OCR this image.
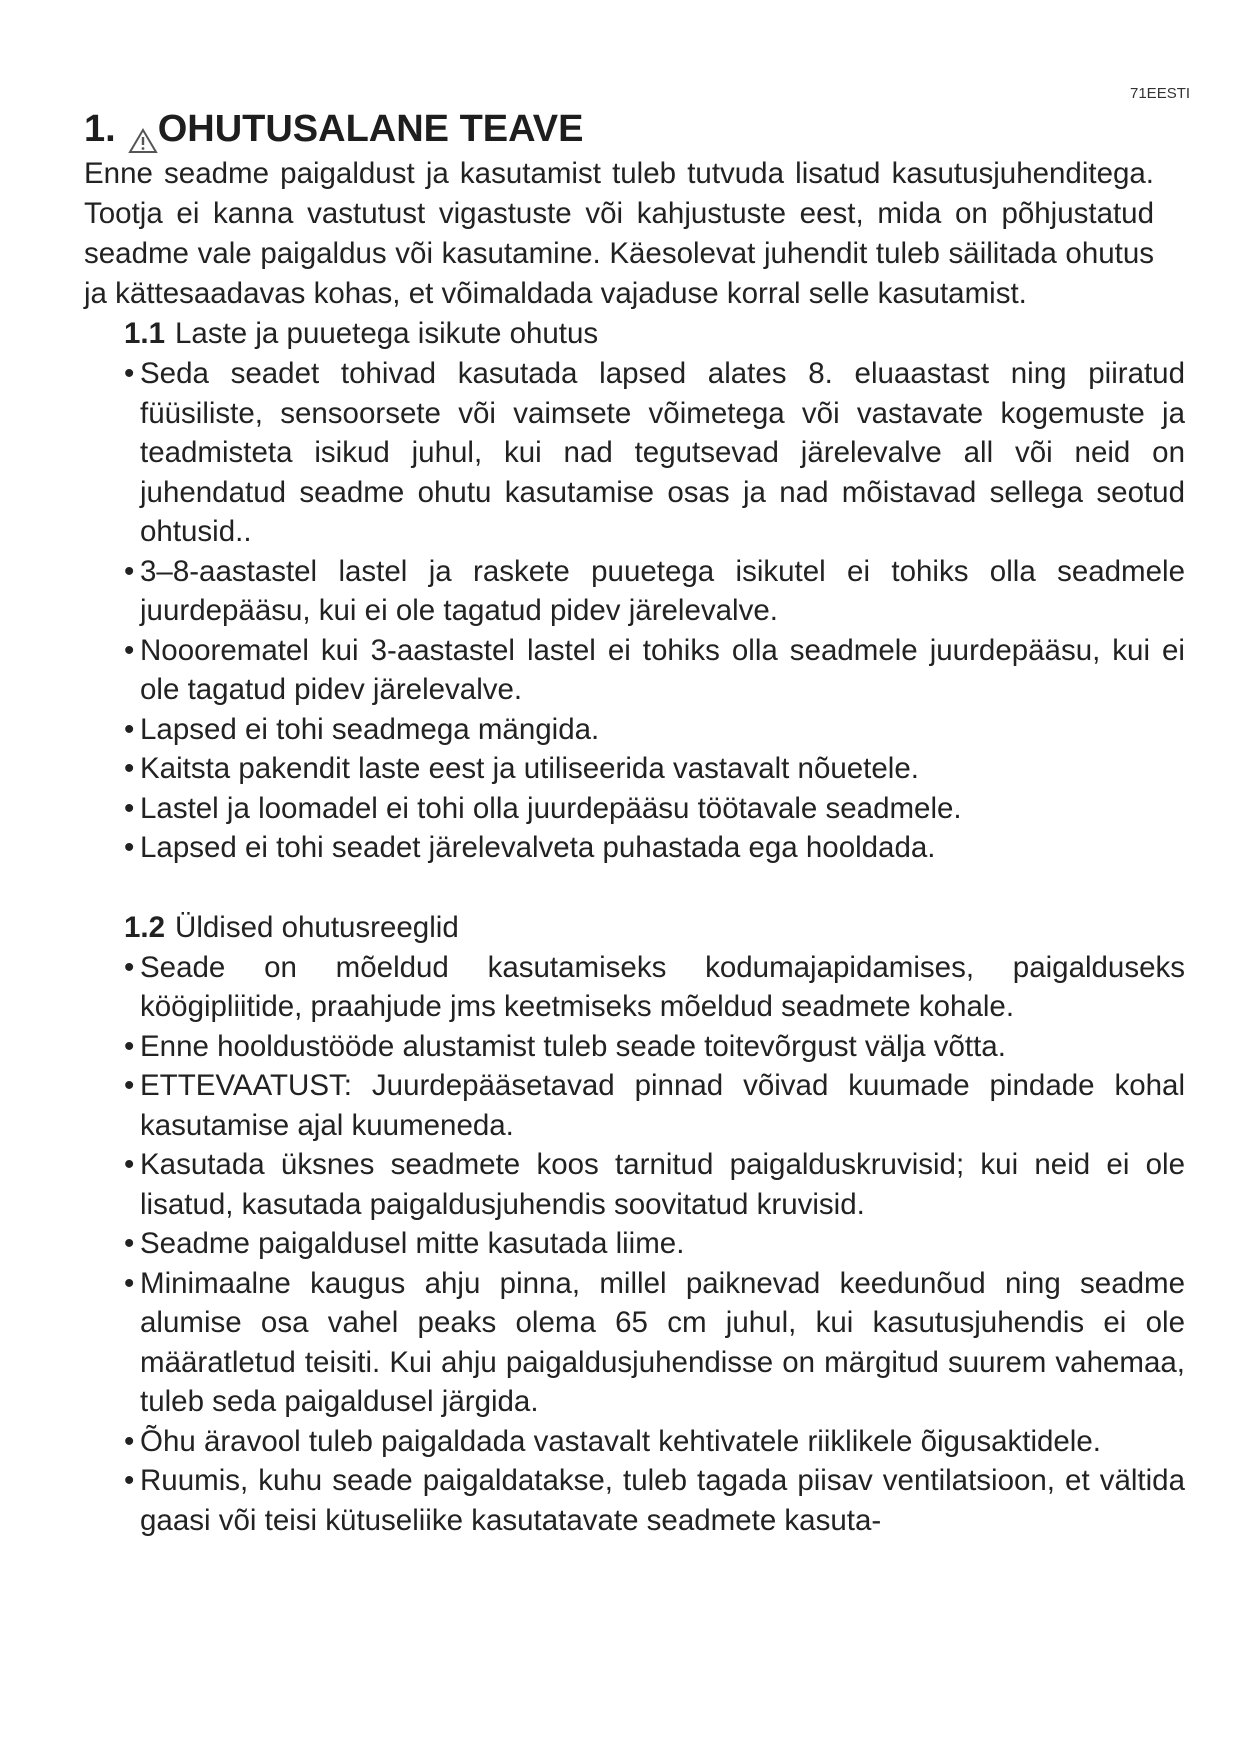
71EESTI
1. OHUTUSALANE TEAVE

Enne seadme paigaldust ja kasutamist tuleb tutvuda lisatud kasutusjuhenditega. Tootja ei kanna vastutust vigastuste või kahjustuste eest, mida on põhjustatud seadme vale paigaldus või kasutamine. Käesolevat juhendit tuleb säilitada ohutus ja kättesaadavas kohas, et võimaldada vajaduse korral selle kasutamist.

1.1 Laste ja puuetega isikute ohutus
• Seda seadet tohivad kasutada lapsed alates 8. eluaastast ning piiratud füüsiliste, sensoorsete või vaimsete võimetega või vastavate kogemuste ja teadmisteta isikud juhul, kui nad tegutsevad järelevalve all või neid on juhendatud seadme ohutu kasutamise osas ja nad mõistavad sellega seotud ohtusid..
• 3–8-aastastel lastel ja raskete puuetega isikutel ei tohiks olla seadmele juurdepääsu, kui ei ole tagatud pidev järelevalve.
• Nooorematel kui 3-aastastel lastel ei tohiks olla seadmele juurdepääsu, kui ei ole tagatud pidev järelevalve.
• Lapsed ei tohi seadmega mängida.
• Kaitsta pakendit laste eest ja utiliseerida vastavalt nõuetele.
• Lastel ja loomadel ei tohi olla juurdepääsu töötavale seadmele.
• Lapsed ei tohi seadet järelevalveta puhastada ega hooldada.
1.2 Üldised ohutusreeglid
• Seade on mõeldud kasutamiseks kodumajapidamises, paigalduseks köögipliitide, praahjude jms keetmiseks mõeldud seadmete kohale.
• Enne hooldustööde alustamist tuleb seade toitevõrgust välja võtta.
• ETTEVAATUST: Juurdepääsetavad pinnad võivad kuumade pindade kohal kasutamise ajal kuumeneda.
• Kasutada üksnes seadmete koos tarnitud paigalduskruvisid; kui neid ei ole lisatud, kasutada paigaldusjuhendis soovitatud kruvisid.
• Seadme paigaldusel mitte kasutada liime.
• Minimaalne kaugus ahju pinna, millel paiknevad keedunõud ning seadme alumise osa vahel peaks olema 65 cm juhul, kui kasutusjuhendis ei ole määratletud teisiti. Kui ahju paigaldusjuhendisse on märgitud suurem vahemaa, tuleb seda paigaldusel järgida.
• Õhu äravool tuleb paigaldada vastavalt kehtivatele riiklikele õigusaktidele.
• Ruumis, kuhu seade paigaldatakse, tuleb tagada piisav ventilatsioon, et vältida gaasi või teisi kütuseliike kasutatavate seadmete kasuta-
